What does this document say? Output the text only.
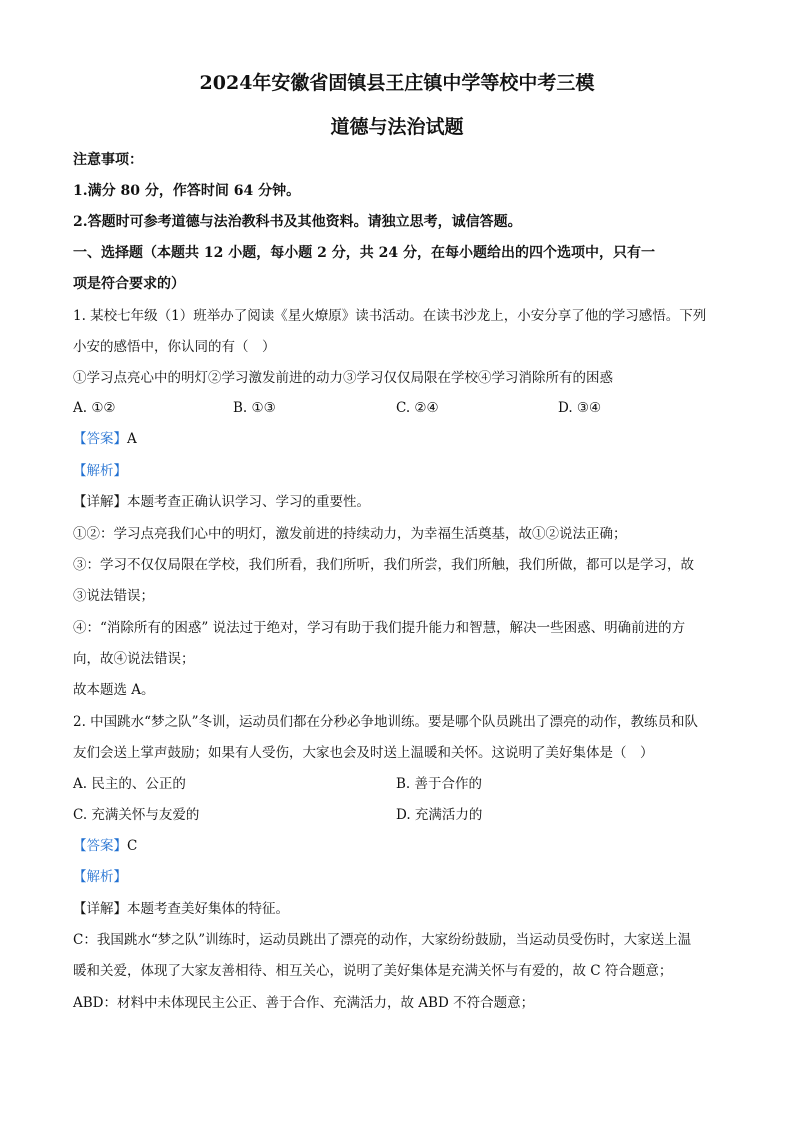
2024年安徽省固镇县王庄镇中学等校中考三模
道德与法治试题
注意事项：
1.满分 80 分，作答时间 64 分钟。
2.答题时可参考道德与法治教科书及其他资料。请独立思考，诚信答题。
一、选择题（本题共 12 小题，每小题 2 分，共 24 分，在每小题给出的四个选项中，只有一
项是符合要求的）
1. 某校七年级（1）班举办了阅读《星火燎原》读书活动。在读书沙龙上，小安分享了他的学习感悟。下列
小安的感悟中，你认同的有（　）
①学习点亮心中的明灯②学习激发前进的动力③学习仅仅局限在学校④学习消除所有的困惑
A. ①②	B. ①③	C. ②④	D. ③④
【答案】A
【解析】
【详解】本题考查正确认识学习、学习的重要性。
①②：学习点亮我们心中的明灯，激发前进的持续动力，为幸福生活奠基，故①②说法正确；
③：学习不仅仅局限在学校，我们所看，我们所听，我们所尝，我们所触，我们所做，都可以是学习，故
③说法错误；
④：“消除所有的困惑” 说法过于绝对，学习有助于我们提升能力和智慧，解决一些困惑、明确前进的方
向，故④说法错误；
故本题选 A。
2. 中国跳水“梦之队”冬训，运动员们都在分秒必争地训练。要是哪个队员跳出了漂亮的动作，教练员和队
友们会送上掌声鼓励；如果有人受伤，大家也会及时送上温暖和关怀。这说明了美好集体是（　）
A. 民主的、公正的	B. 善于合作的
C. 充满关怀与友爱的	D. 充满活力的
【答案】C
【解析】
【详解】本题考查美好集体的特征。
C：我国跳水“梦之队”训练时，运动员跳出了漂亮的动作，大家纷纷鼓励，当运动员受伤时，大家送上温
暖和关爱，体现了大家友善相待、相互关心，说明了美好集体是充满关怀与有爱的，故 C 符合题意；
ABD：材料中未体现民主公正、善于合作、充满活力，故 ABD 不符合题意；
